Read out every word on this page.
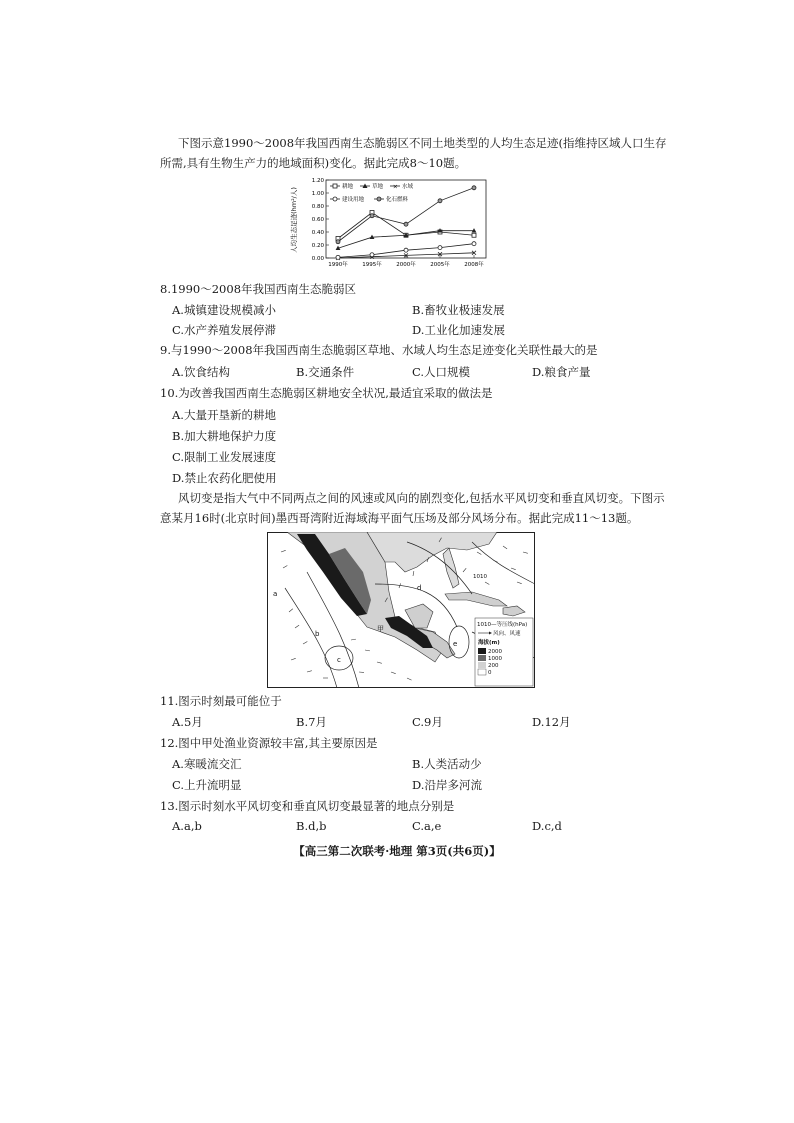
下图示意1990～2008年我国西南生态脆弱区不同土地类型的人均生态足迹(指维持区域人口生存
所需,具有生物生产力的地域面积)变化。据此完成8～10题。
人均生态足迹(hm²/人)
0.00
0.20
0.40
0.60
0.80
1.00
1.20
1990年	1995年	2000年	2005年	2008年
耕地	草地 × 水域
建设用地	化石燃料
8.1990～2008年我国西南生态脆弱区
A.城镇建设规模减小	B.畜牧业极速发展
C.水产养殖发展停滞	D.工业化加速发展
9.与1990～2008年我国西南生态脆弱区草地、水域人均生态足迹变化关联性最大的是
A.饮食结构	B.交通条件	C.人口规模	D.粮食产量
10.为改善我国西南生态脆弱区耕地安全状况,最适宜采取的做法是
A.大量开垦新的耕地
B.加大耕地保护力度
C.限制工业发展速度
D.禁止农药化肥使用
风切变是指大气中不同两点之间的风速或风向的剧烈变化,包括水平风切变和垂直风切变。下图示
意某月16时(北京时间)墨西哥湾附近海域海平面气压场及部分风场分布。据此完成11～13题。
甲
a
b
c
d
e
1010
1010—等压线(hPa)
风向、风速
海拔(m)
2000
1000
200
0
11.图示时刻最可能位于
A.5月	B.7月	C.9月	D.12月
12.图中甲处渔业资源较丰富,其主要原因是
A.寒暖流交汇	B.人类活动少
C.上升流明显	D.沿岸多河流
13.图示时刻水平风切变和垂直风切变最显著的地点分别是
A.a,b	B.d,b	C.a,e	D.c,d
【高三第二次联考·地理 第3页(共6页)】
